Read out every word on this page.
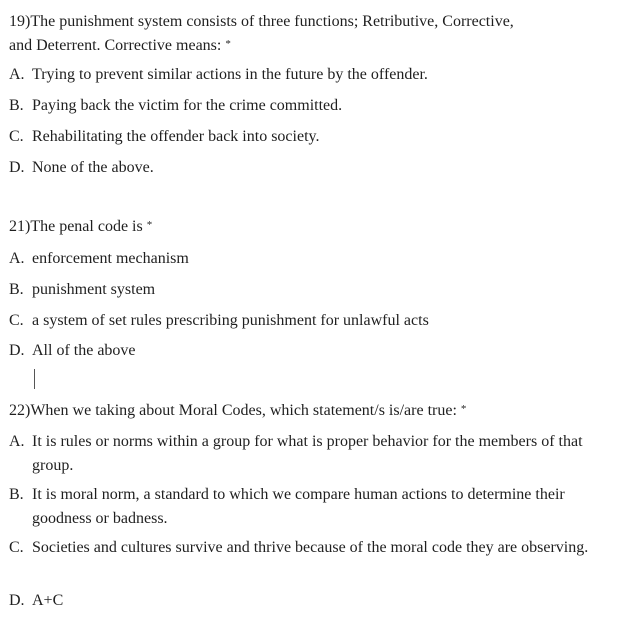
19)The punishment system consists of three functions; Retributive, Corrective,
and Deterrent. Corrective means: *
A. Trying to prevent similar actions in the future by the offender.
B. Paying back the victim for the crime committed.
C. Rehabilitating the offender back into society.
D. None of the above.
21)The penal code is *
A. enforcement mechanism
B. punishment system
C. a system of set rules prescribing punishment for unlawful acts
D. All of the above
22)When we taking about Moral Codes, which statement/s is/are true: *
A. It is rules or norms within a group for what is proper behavior for the members of that group.
B. It is moral norm, a standard to which we compare human actions to determine their goodness or badness.
C. Societies and cultures survive and thrive because of the moral code they are observing.
D. A+C
